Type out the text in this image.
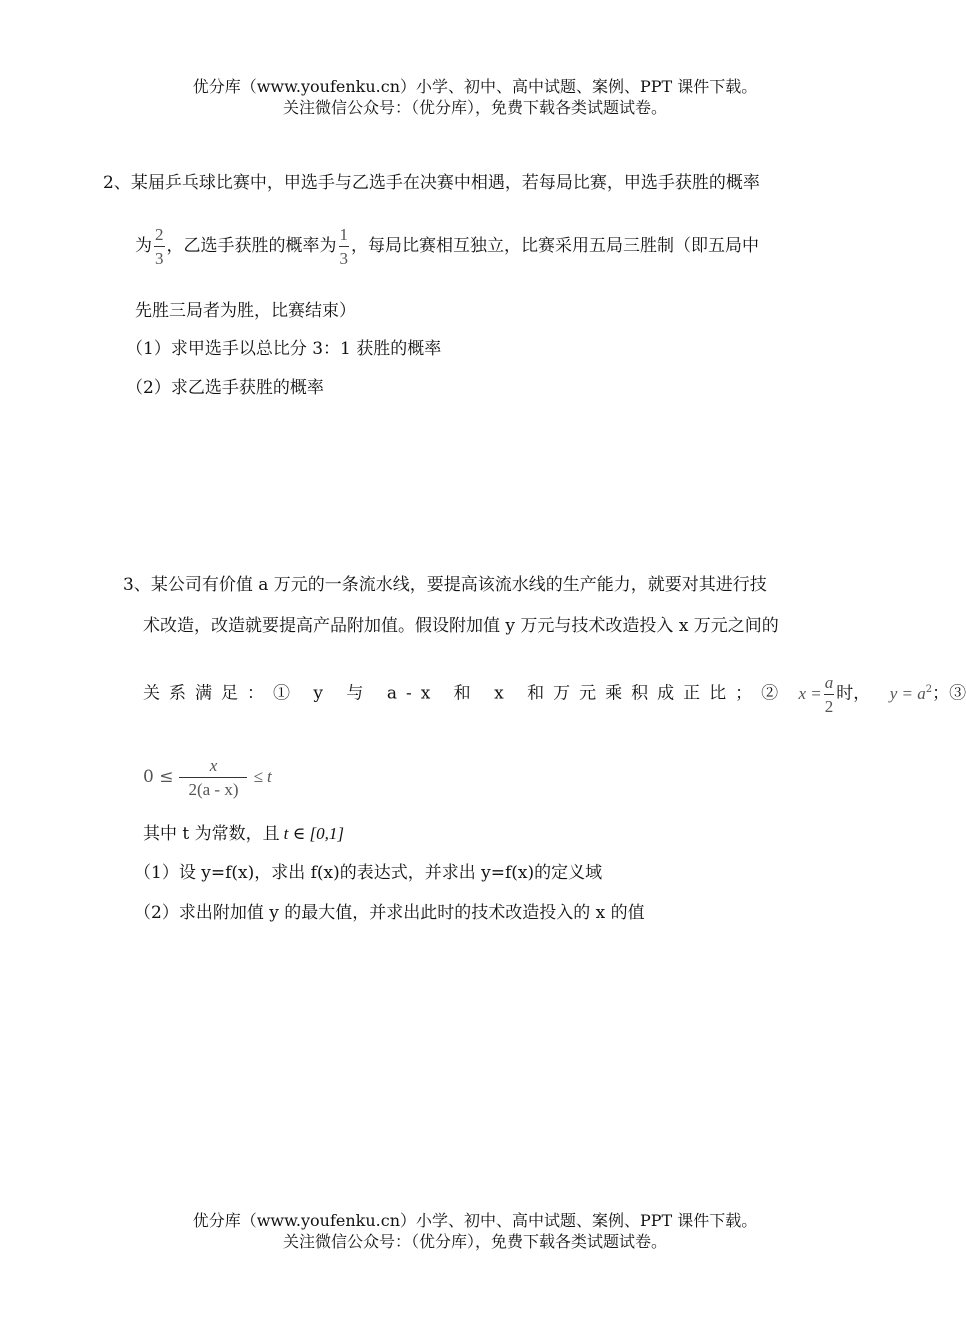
优分库（www.youfenku.cn）小学、初中、高中试题、案例、PPT 课件下载。
关注微信公众号：（优分库），免费下载各类试题试卷。
2、某届乒乓球比赛中，甲选手与乙选手在决赛中相遇，若每局比赛，甲选手获胜的概率
为 $\frac{2}{3}$ ，乙选手获胜的概率为 $\frac{1}{3}$ ，每局比赛相互独立，比赛采用五局三胜制（即五局中
先胜三局者为胜，比赛结束）
（1）求甲选手以总比分 3：1 获胜的概率
（2）求乙选手获胜的概率
3、某公司有价值 a 万元的一条流水线，要提高该流水线的生产能力，就要对其进行技
术改造，改造就要提高产品附加值。假设附加值 y 万元与技术改造投入 x 万元之间的
关系满足：① y 与 a-x 和 x 和万元乘积成正比；② $x = \frac{a}{2}$ 时， $y = a^2$；③
$0 \le \frac{x}{2(a - x)} \le t$
其中 t 为常数，且 t ∈ [0,1]
（1）设 y=f(x)，求出 f(x)的表达式，并求出 y=f(x)的定义域
（2）求出附加值 y 的最大值，并求出此时的技术改造投入的 x 的值
优分库（www.youfenku.cn）小学、初中、高中试题、案例、PPT 课件下载。
关注微信公众号：（优分库），免费下载各类试题试卷。
